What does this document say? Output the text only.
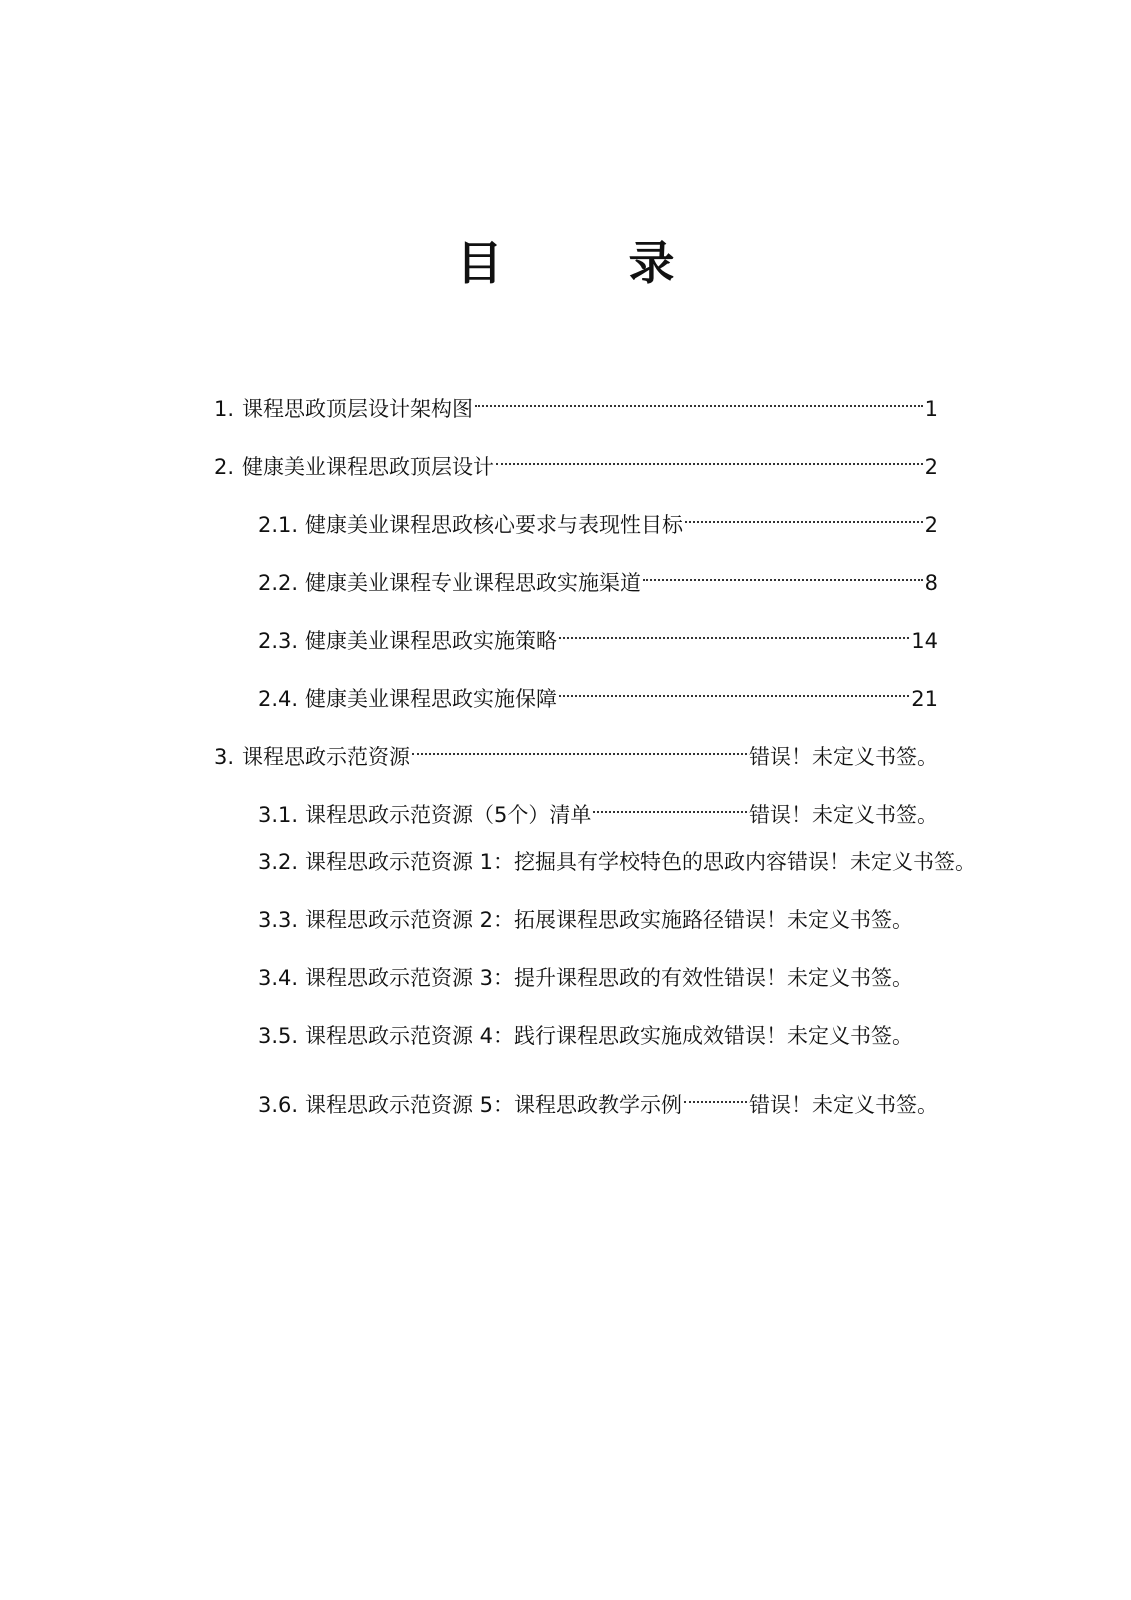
目　录
1. 课程思政顶层设计架构图	1
2. 健康美业课程思政顶层设计	2
2.1. 健康美业课程思政核心要求与表现性目标	2
2.2. 健康美业课程专业课程思政实施渠道	8
2.3. 健康美业课程思政实施策略	14
2.4. 健康美业课程思政实施保障	21
3. 课程思政示范资源	错误！未定义书签。
3.1. 课程思政示范资源（5个）清单	错误！未定义书签。
3.2. 课程思政示范资源 1：挖掘具有学校特色的思政内容 错误！未定义书签。
3.3. 课程思政示范资源 2：拓展课程思政实施路径 错误！未定义书签。
3.4. 课程思政示范资源 3：提升课程思政的有效性 错误！未定义书签。
3.5. 课程思政示范资源 4：践行课程思政实施成效 错误！未定义书签。
3.6. 课程思政示范资源 5：课程思政教学示例	错误！未定义书签。
